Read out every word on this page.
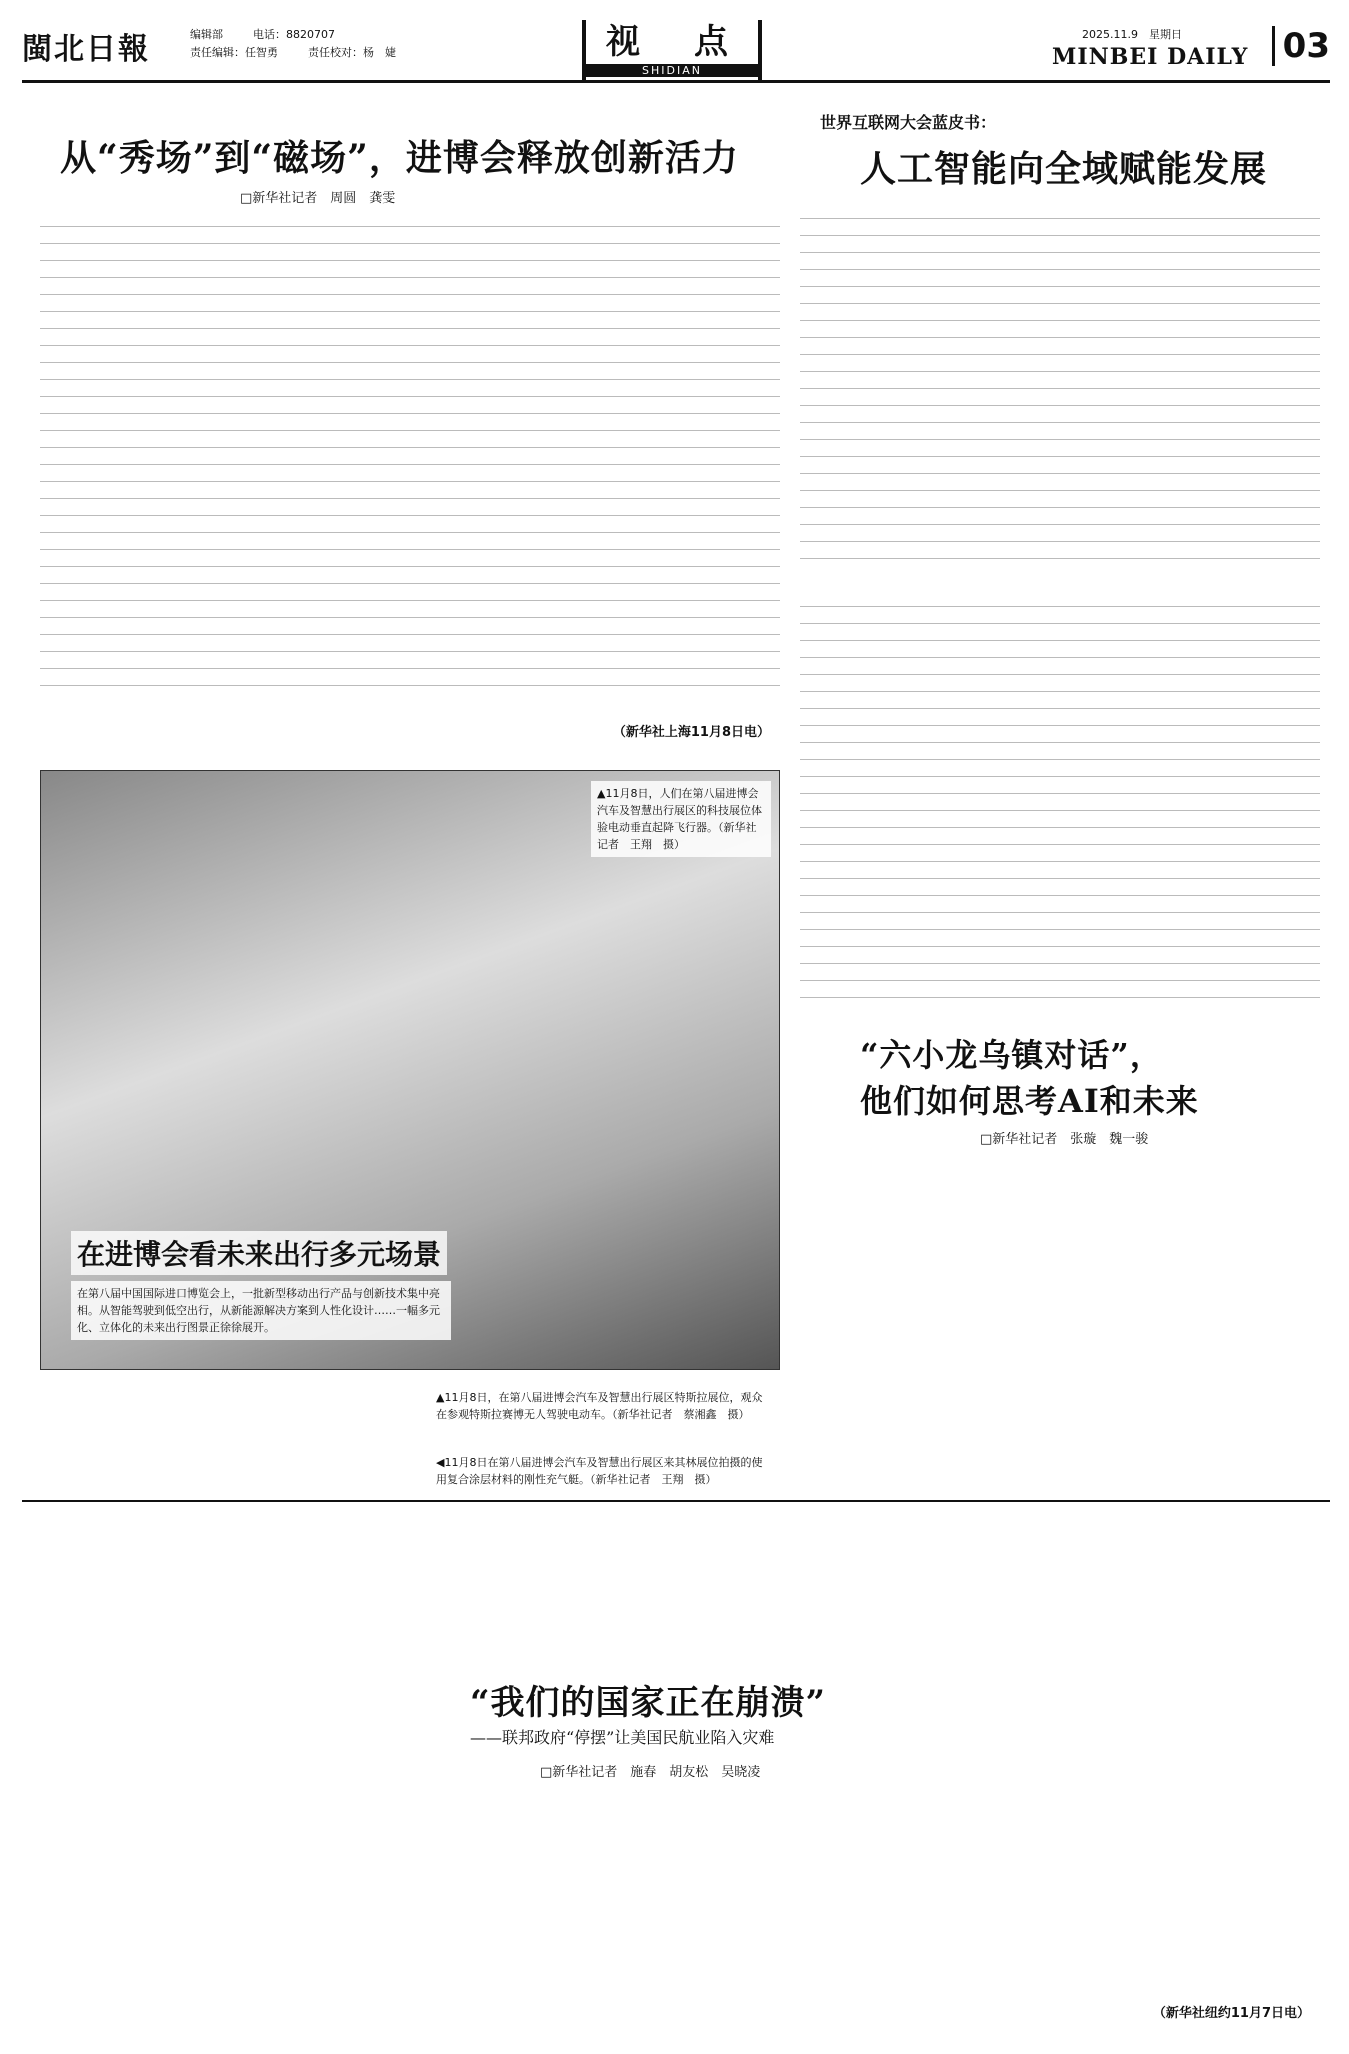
閩北日報	编辑部	电话：8820707
责任编辑：任智勇	责任校对：杨　婕	视　点
SHIDIAN
2025.11.9　星期日
MINBEI DAILY	03
从“秀场”到“磁场”，进博会释放创新活力
□新华社记者　周圆　龚雯
（新华社上海11月8日电）
世界互联网大会蓝皮书：
人工智能向全域赋能发展
▲11月8日，人们在第八届进博会汽车及智慧出行展区的科技展位体验电动垂直起降飞行器。（新华社记者　王翔　摄）
在进博会看未来出行多元场景
在第八届中国国际进口博览会上，一批新型移动出行产品与创新技术集中亮相。从智能驾驶到低空出行，从新能源解决方案到人性化设计……一幅多元化、立体化的未来出行图景正徐徐展开。
▲11月8日，在第八届进博会汽车及智慧出行展区特斯拉展位，观众在参观特斯拉赛博无人驾驶电动车。（新华社记者　蔡湘鑫　摄）
◀11月8日在第八届进博会汽车及智慧出行展区来其林展位拍摄的使用复合涂层材料的刚性充气艇。（新华社记者　王翔　摄）
“六小龙乌镇对话”，
他们如何思考AI和未来
□新华社记者　张璇　魏一骏
“我们的国家正在崩溃”
——联邦政府“停摆”让美国民航业陷入灾难
□新华社记者　施春　胡友松　吴晓凌
（新华社纽约11月7日电）
